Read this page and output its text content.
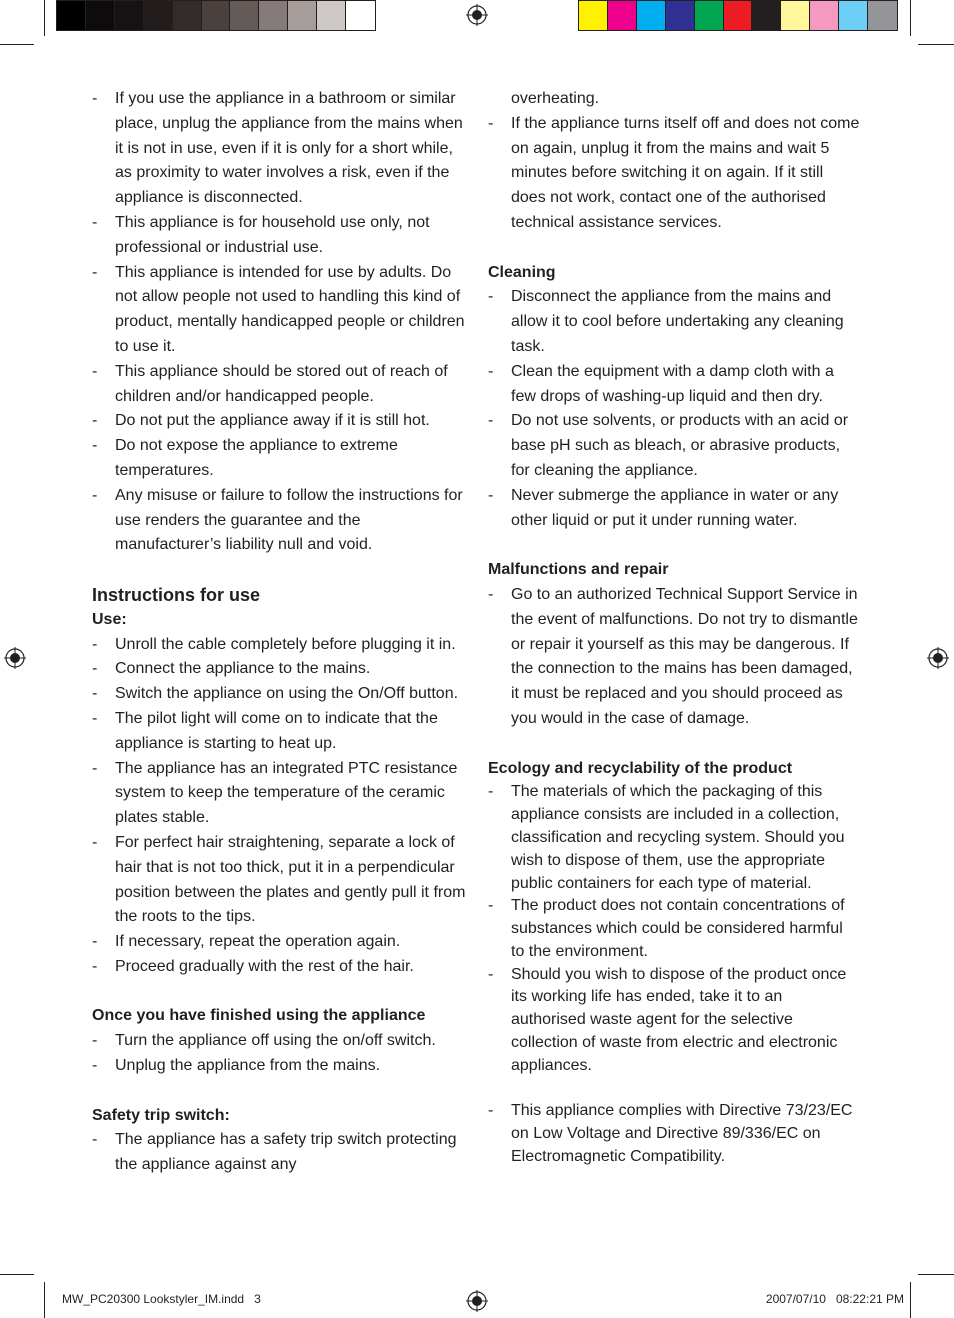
- If you use the appliance in a bathroom or similar place, unplug the appliance from the mains when it is not in use, even if it is only for a short while, as proximity to water involves a risk, even if the appliance is disconnected.
- This appliance is for household use only, not professional or industrial use.
- This appliance is intended for use by adults. Do not allow people not used to handling this kind of product, mentally handicapped people or children to use it.
- This appliance should be stored out of reach of children and/or handicapped people.
- Do not put the appliance away if it is still hot.
- Do not expose the appliance to extreme temperatures.
- Any misuse or failure to follow the instructions for use renders the guarantee and the manufacturer’s liability null and void.
Instructions for use
Use:
- Unroll the cable completely before plugging it in.
- Connect the appliance to the mains.
- Switch the appliance on using the On/Off button.
- The pilot light will come on to indicate that the appliance is starting to heat up.
- The appliance has an integrated PTC resistance system to keep the temperature of the ceramic plates stable.
- For perfect hair straightening, separate a lock of hair that is not too thick, put it in a perpendicular position between the plates and gently pull it from the roots to the tips.
- If necessary, repeat the operation again.
- Proceed gradually with the rest of the hair.
Once you have finished using the appliance
- Turn the appliance off using the on/off switch.
- Unplug the appliance from the mains.
Safety trip switch:
- The appliance has a safety trip switch protecting the appliance against any
overheating.
- If the appliance turns itself off and does not come on again, unplug it from the mains and wait 5 minutes before switching it on again. If it still does not work, contact one of the authorised technical assistance services.
Cleaning
- Disconnect the appliance from the mains and allow it to cool before undertaking any cleaning task.
- Clean the equipment with a damp cloth with a few drops of washing-up liquid and then dry.
- Do not use solvents, or products with an acid or base pH such as bleach, or abrasive products, for cleaning the appliance.
- Never submerge the appliance in water or any other liquid or put it under running water.
Malfunctions and repair
- Go to an authorized Technical Support Service in the event of malfunctions. Do not try to dismantle or repair it yourself as this may be dangerous. If the connection to the mains has been damaged, it must be replaced and you should proceed as you would in the case of damage.
Ecology and recyclability of the product
- The materials of which the packaging of this appliance consists are included in a collection, classification and recycling system. Should you wish to dispose of them, use the appropriate public containers for each type of material.
- The product does not contain concentrations of substances which could be considered harmful to the environment.
- Should you wish to dispose of the product once its working life has ended, take it to an authorised waste agent for the selective collection of waste from electric and electronic appliances.
- This appliance complies with Directive 73/23/EC on Low Voltage and Directive 89/336/EC on Electromagnetic Compatibility.
MW_PC20300 Lookstyler_IM.indd   3	2007/07/10   08:22:21 PM
